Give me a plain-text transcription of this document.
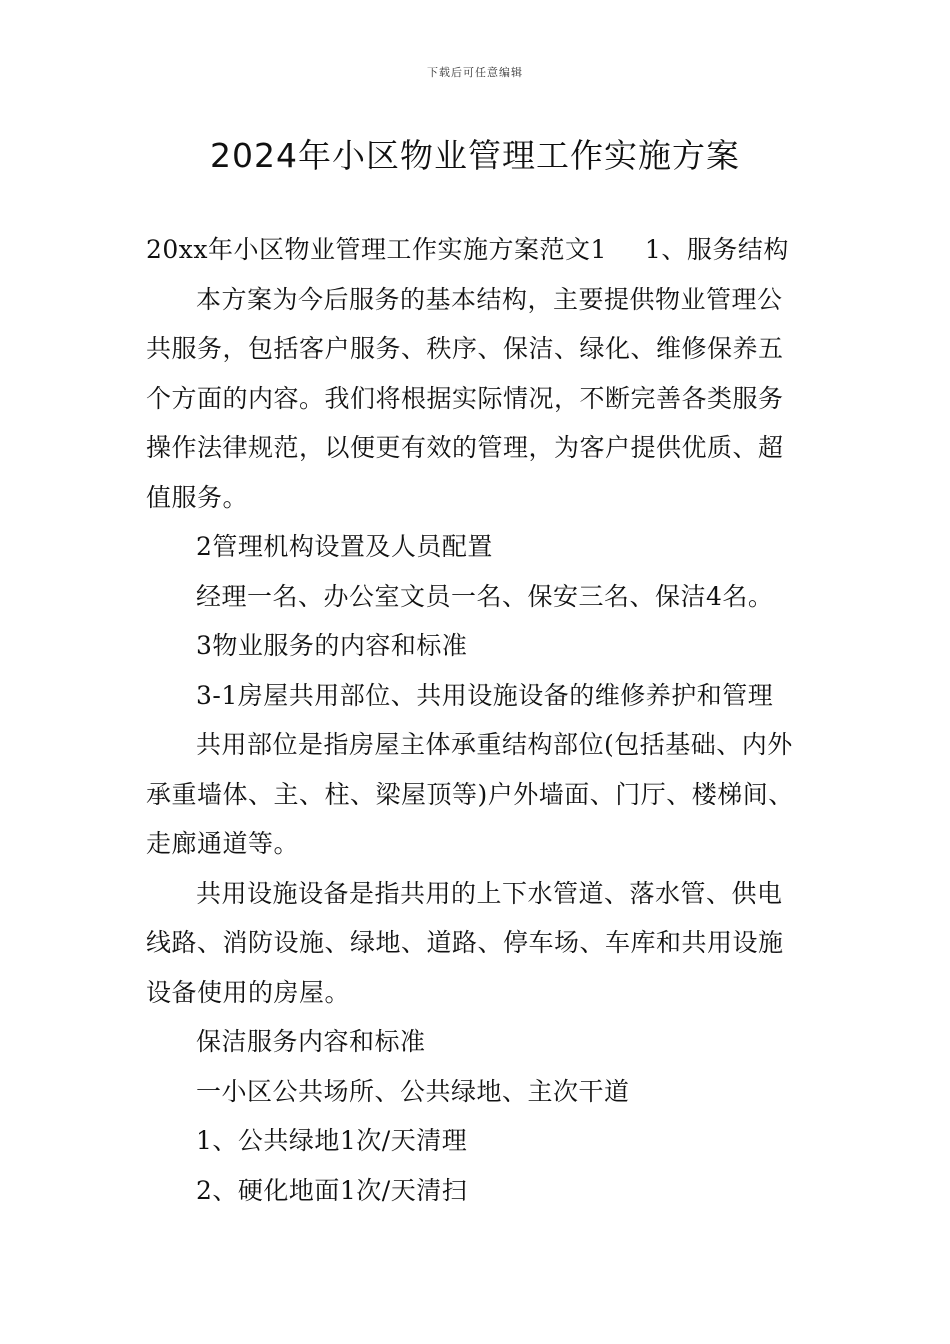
下载后可任意编辑
2024年小区物业管理工作实施方案
20xx年小区物业管理工作实施方案范文1 1、服务结构
本方案为今后服务的基本结构，主要提供物业管理公
共服务，包括客户服务、秩序、保洁、绿化、维修保养五
个方面的内容。我们将根据实际情况，不断完善各类服务
操作法律规范，以便更有效的管理，为客户提供优质、超
值服务。
2管理机构设置及人员配置
经理一名、办公室文员一名、保安三名、保洁4名。
3物业服务的内容和标准
3-1房屋共用部位、共用设施设备的维修养护和管理
共用部位是指房屋主体承重结构部位(包括基础、内外
承重墙体、主、柱、梁屋顶等)户外墙面、门厅、楼梯间、
走廊通道等。
共用设施设备是指共用的上下水管道、落水管、供电
线路、消防设施、绿地、道路、停车场、车库和共用设施
设备使用的房屋。
保洁服务内容和标准
一小区公共场所、公共绿地、主次干道
1、公共绿地1次/天清理
2、硬化地面1次/天清扫
